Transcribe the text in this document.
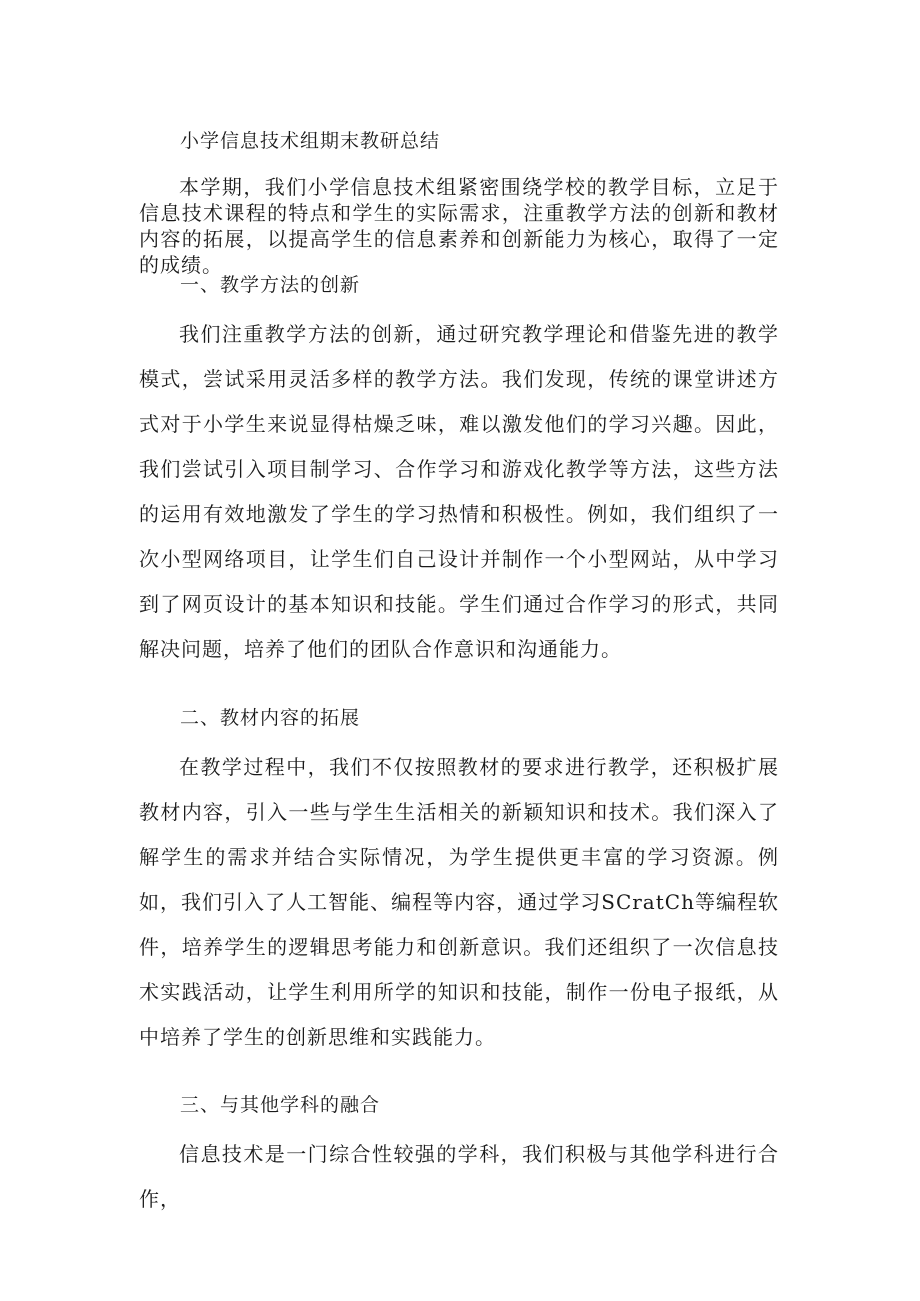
小学信息技术组期末教研总结

本学期，我们小学信息技术组紧密围绕学校的教学目标，立足于信息技术课程的特点和学生的实际需求，注重教学方法的创新和教材内容的拓展，以提高学生的信息素养和创新能力为核心，取得了一定的成绩。

一、教学方法的创新

我们注重教学方法的创新，通过研究教学理论和借鉴先进的教学模式，尝试采用灵活多样的教学方法。我们发现，传统的课堂讲述方式对于小学生来说显得枯燥乏味，难以激发他们的学习兴趣。因此，我们尝试引入项目制学习、合作学习和游戏化教学等方法，这些方法的运用有效地激发了学生的学习热情和积极性。例如，我们组织了一次小型网络项目，让学生们自己设计并制作一个小型网站，从中学习到了网页设计的基本知识和技能。学生们通过合作学习的形式，共同解决问题，培养了他们的团队合作意识和沟通能力。

二、教材内容的拓展

在教学过程中，我们不仅按照教材的要求进行教学，还积极扩展教材内容，引入一些与学生生活相关的新颖知识和技术。我们深入了解学生的需求并结合实际情况，为学生提供更丰富的学习资源。例如，我们引入了人工智能、编程等内容，通过学习SCratCh等编程软件，培养学生的逻辑思考能力和创新意识。我们还组织了一次信息技术实践活动，让学生利用所学的知识和技能，制作一份电子报纸，从中培养了学生的创新思维和实践能力。

三、与其他学科的融合

信息技术是一门综合性较强的学科，我们积极与其他学科进行合作，
